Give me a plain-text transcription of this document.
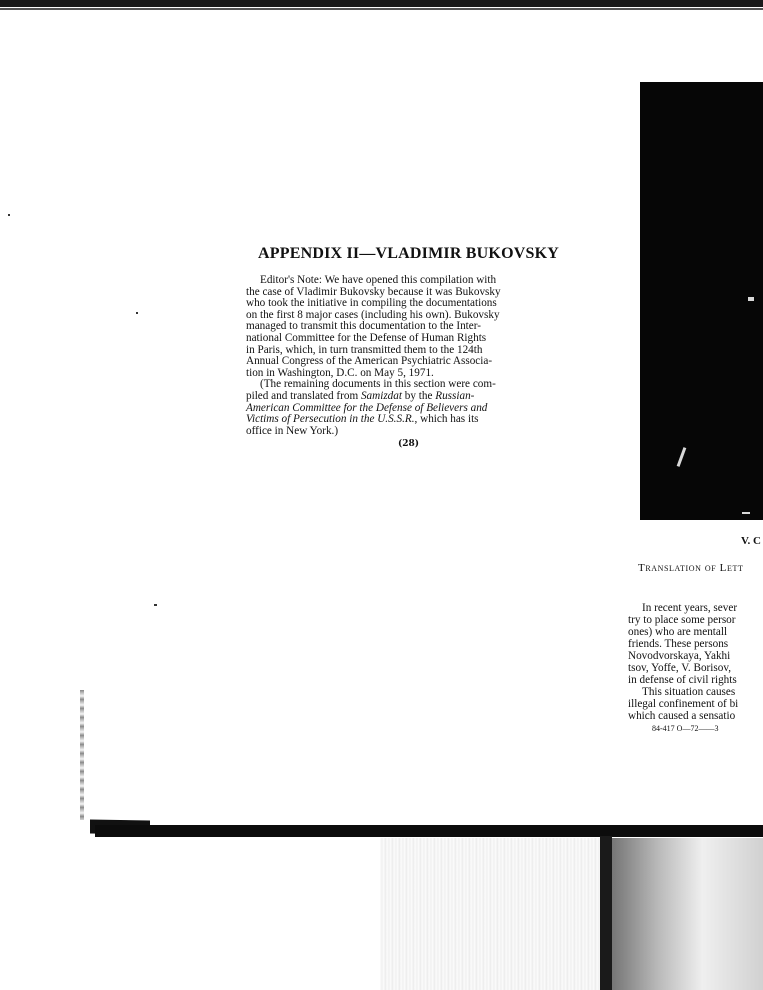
APPENDIX II—VLADIMIR BUKOVSKY

Editor's Note: We have opened this compilation with
the case of Vladimir Bukovsky because it was Bukovsky
who took the initiative in compiling the documentations
on the first 8 major cases (including his own). Bukovsky
managed to transmit this documentation to the Inter-
national Committee for the Defense of Human Rights
in Paris, which, in turn transmitted them to the 124th
Annual Congress of the American Psychiatric Associa-
tion in Washington, D.C. on May 5, 1971.

(The remaining documents in this section were com-
piled and translated from Samizdat by the Russian-
American Committee for the Defense of Believers and
Victims of Persecution in the U.S.S.R., which has its
office in New York.)

(28)
V. C
Translation of Lett
In recent years, sever
try to place some persor
ones) who are mentall
friends. These persons
Novodvorskaya, Yakhi
tsov, Yoffe, V. Borisov,
in defense of civil rights
This situation causes
illegal confinement of bi
which caused a sensatio
84-417 O—72——3
